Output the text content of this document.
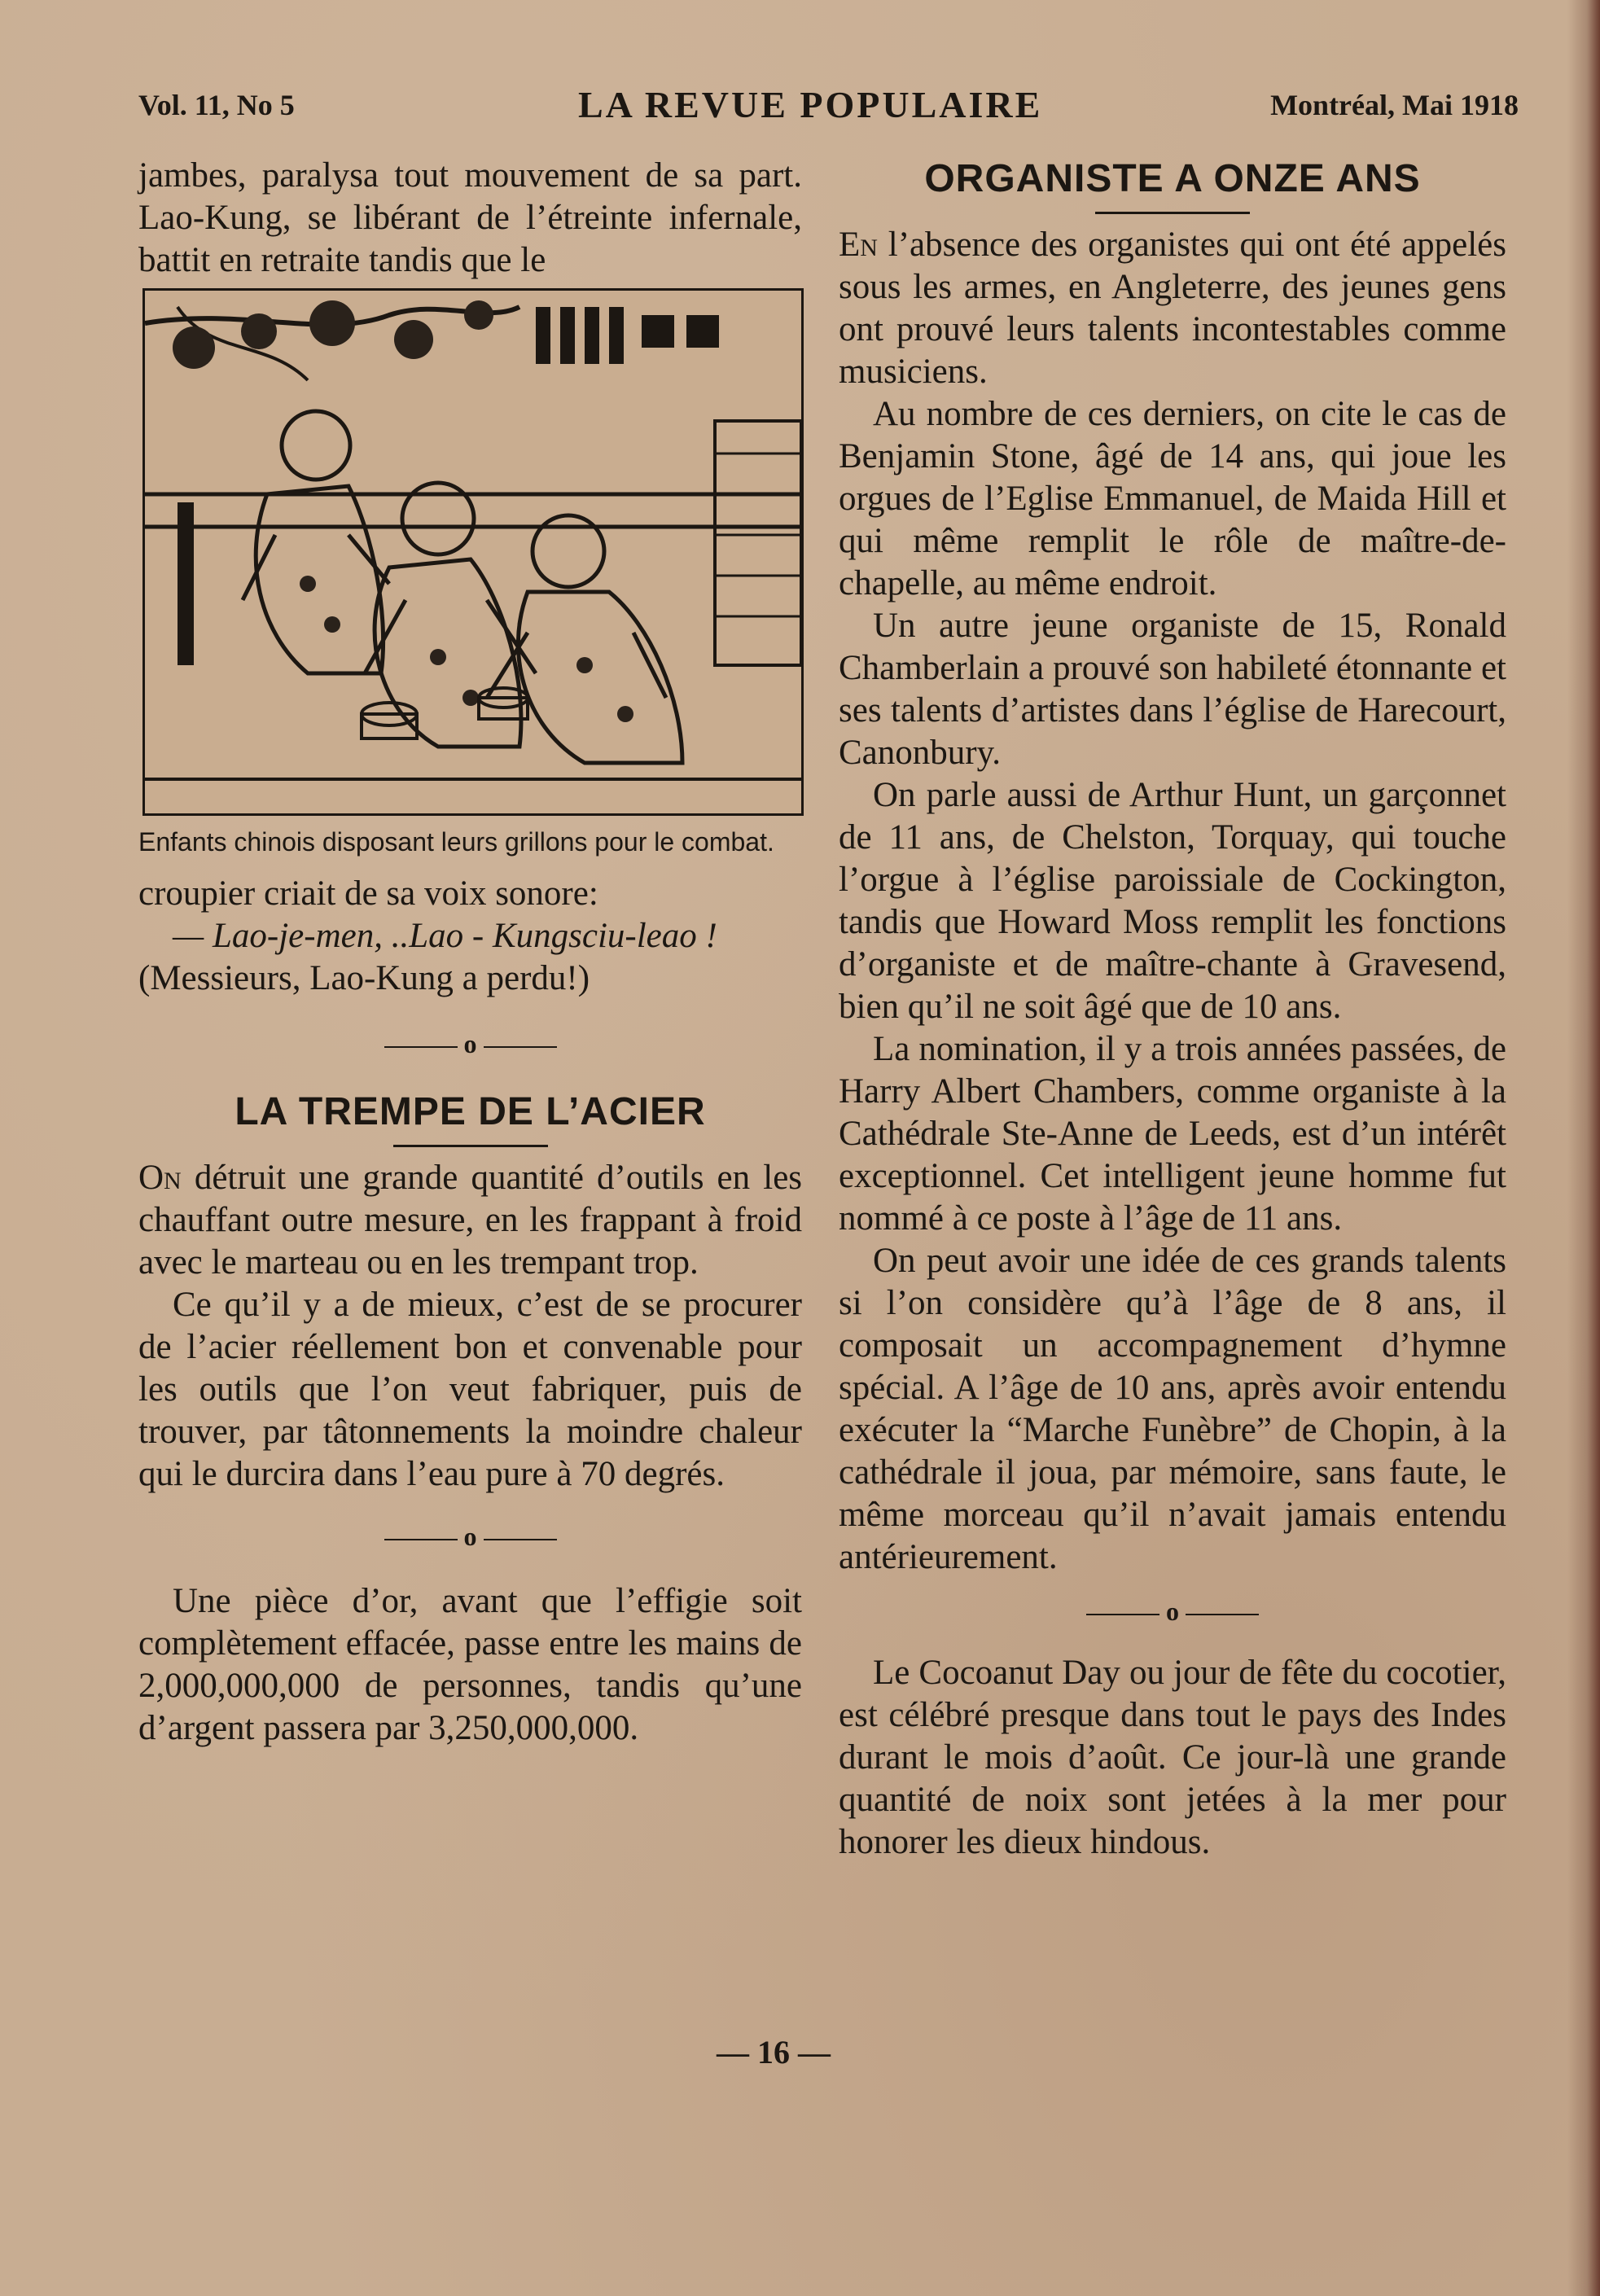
Vol. 11, No 5	LA REVUE POPULAIRE	Montréal, Mai 1918

jambes, paralysa tout mouvement de sa part. Lao-Kung, se libérant de l’étreinte infernale, battit en retraite tandis que le

Enfants chinois disposant leurs grillons pour le combat.

croupier criait de sa voix sonore:

— Lao-je-men, ..Lao - Kungsciu-leao !

(Messieurs, Lao-Kung a perdu!)

o
LA TREMPE DE L’ACIER

On détruit une grande quantité d’outils en les chauffant outre mesure, en les frappant à froid avec le marteau ou en les trempant trop.

Ce qu’il y a de mieux, c’est de se procurer de l’acier réellement bon et convenable pour les outils que l’on veut fabriquer, puis de trouver, par tâtonnements la moindre chaleur qui le durcira dans l’eau pure à 70 degrés.

o

Une pièce d’or, avant que l’effigie soit complètement effacée, passe entre les mains de 2,000,000,000 de personnes, tandis qu’une d’argent passera par 3,250,000,000.

ORGANISTE A ONZE ANS

En l’absence des organistes qui ont été appelés sous les armes, en Angleterre, des jeunes gens ont prouvé leurs talents incontestables comme musiciens.

Au nombre de ces derniers, on cite le cas de Benjamin Stone, âgé de 14 ans, qui joue les orgues de l’Eglise Emmanuel, de Maida Hill et qui même remplit le rôle de maître-de-chapelle, au même endroit.

Un autre jeune organiste de 15, Ronald Chamberlain a prouvé son habileté étonnante et ses talents d’artistes dans l’église de Harecourt, Canonbury.

On parle aussi de Arthur Hunt, un garçonnet de 11 ans, de Chelston, Torquay, qui touche l’orgue à l’église paroissiale de Cockington, tandis que Howard Moss remplit les fonctions d’organiste et de maître-chante à Gravesend, bien qu’il ne soit âgé que de 10 ans.

La nomination, il y a trois années passées, de Harry Albert Chambers, comme organiste à la Cathédrale Ste-Anne de Leeds, est d’un intérêt exceptionnel. Cet intelligent jeune homme fut nommé à ce poste à l’âge de 11 ans.

On peut avoir une idée de ces grands talents si l’on considère qu’à l’âge de 8 ans, il composait un accompagnement d’hymne spécial. A l’âge de 10 ans, après avoir entendu exécuter la “Marche Funèbre” de Chopin, à la cathédrale il joua, par mémoire, sans faute, le même morceau qu’il n’avait jamais entendu antérieurement.

o

Le Cocoanut Day ou jour de fête du cocotier, est célébré presque dans tout le pays des Indes durant le mois d’août. Ce jour-là une grande quantité de noix sont jetées à la mer pour honorer les dieux hindous.

— 16 —
